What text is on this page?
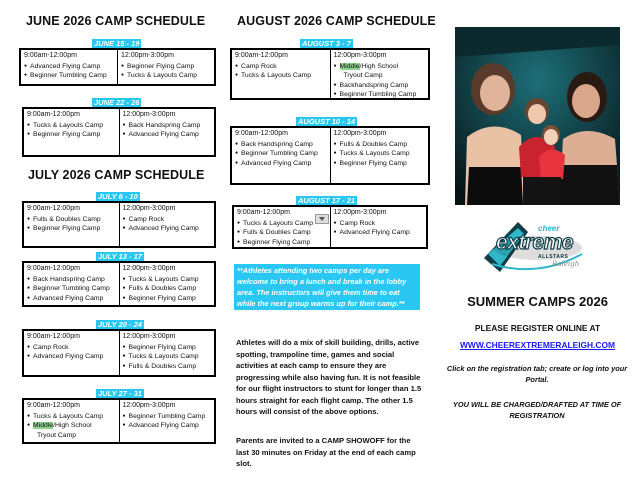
JUNE 2026 CAMP SCHEDULE
JUNE 15 - 19
9:00am-12:00pm
● Advanced Flying Camp
● Beginner Tumbling Camp
12:00pm-3:00pm
● Beginner Flying Camp
● Tucks & Layouts Camp
JUNE 22 - 26
9:00am-12:00pm
● Tucks & Layouts Camp
● Beginner Flying Camp
12:00pm-3:00pm
● Back Handspring Camp
● Advanced Flying Camp
JULY 2026 CAMP SCHEDULE
JULY 6 - 10
9:00am-12:00pm
● Fulls & Doubles Camp
● Beginner Flying Camp
12:00pm-3:00pm
● Camp Rock
● Advanced Flying Camp
JULY 13 - 17
9:00am-12:00pm
● Back Handspring Camp
● Beginner Tumbling Camp
● Advanced Flying Camp
12:00pm-3:00pm
● Tucks & Layouts Camp
● Fulls & Doubles Camp
● Beginner Flying Camp
JULY 20 - 24
9:00am-12:00pm
● Camp Rock
● Advanced Flying Camp
12:00pm-3:00pm
● Beginner Flying Camp
● Tucks & Layouts Camp
● Fulls & Doubles Camp
JULY 27 - 31
9:00am-12:00pm
● Tucks & Layouts Camp
● Middle/High School
Tryout Camp
12:00pm-3:00pm
● Beginner Tumbling Camp
● Advanced Flying Camp
AUGUST 2026 CAMP SCHEDULE
AUGUST 3 - 7
9:00am-12:00pm
● Camp Rock
● Tucks & Layouts Camp
12:00pm-3:00pm
● Middle/High School
Tryout Camp
● Backhandspring Camp
● Beginner Tumbling Camp
AUGUST 10 - 14
9:00am-12:00pm
● Back Handspring Camp
● Beginner Tumbling Camp
● Advanced Flying Camp
12:00pm-3:00pm
● Fulls & Doubles Camp
● Tucks & Layouts Camp
● Beginner Flying Camp
AUGUST 17 - 21
9:00am-12:00pm
● Tucks & Layouts Camp
● Fulls & Doubles Camp
● Beginner Flying Camp
12:00pm-3:00pm
● Camp Rock
● Advanced Flying Camp
**Athletes attending two camps per day are welcome to bring a lunch and break in the lobby area. The instructors will give them time to eat while the next group warms up for their camp.**
Athletes will do a mix of skill building, drills, active spotting, trampoline time, games and social activities at each camp to ensure they are progressing while also having fun. It is not feasible for our flight instructors to stunt for longer than 1.5 hours straight for each flight camp. The other 1.5 hours will consist of the above options.
Parents are invited to a CAMP SHOWOFF for the last 30 minutes on Friday at the end of each camp slot.
cheer
extreme
ALLSTARS
Raleigh
SUMMER CAMPS 2026
PLEASE REGISTER ONLINE AT
WWW.CHEEREXTREMERALEIGH.COM
Click on the registration tab; create or log into your Portal.
YOU WILL BE CHARGED/DRAFTED AT TIME OF REGISTRATION
